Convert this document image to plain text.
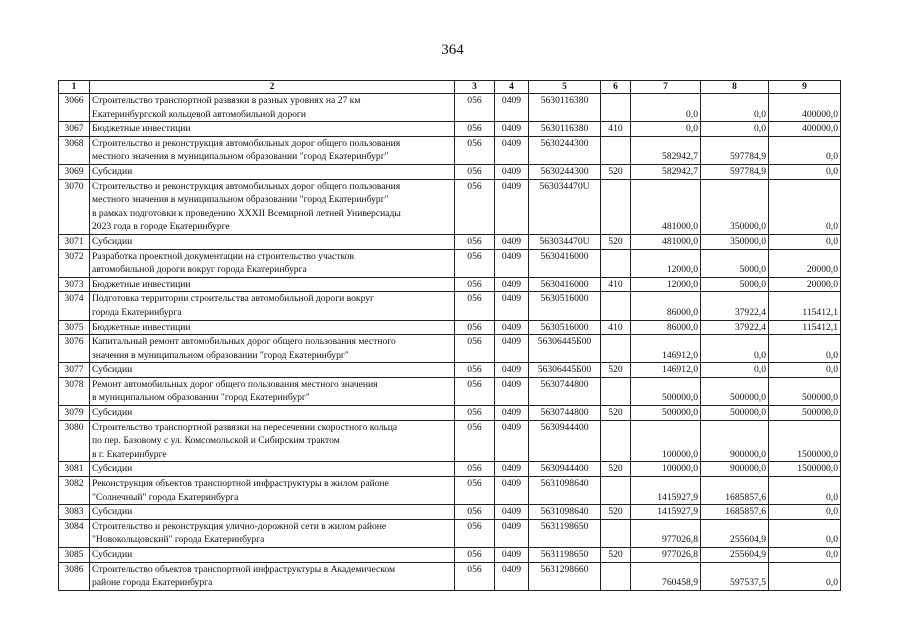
364
1	2	3	4	5	6	7	8	9
3066	Строительство транспортной развязки в разных уровнях на 27 км
Екатеринбургской кольцевой автомобильной дороги	056	0409	5630116380		0,0	0,0	400000,0
3067	Бюджетные инвестиции	056	0409	5630116380	410	0,0	0,0	400000,0
3068	Строительство и реконструкция автомобильных дорог общего пользования
местного значения в муниципальном образовании "город Екатеринбург"	056	0409	5630244300		582942,7	597784,9	0,0
3069	Субсидии	056	0409	5630244300	520	582942,7	597784,9	0,0
3070	Строительство и реконструкция автомобильных дорог общего пользования
местного значения в муниципальном образовании "город Екатеринбург"
в рамках подготовки к проведению XXXII Всемирной летней Универсиады
2023 года в городе Екатеринбурге	056	0409	563034470U		481000,0	350000,0	0,0
3071	Субсидии	056	0409	563034470U	520	481000,0	350000,0	0,0
3072	Разработка проектной документации на строительство участков
автомобильной дороги вокруг города Екатеринбурга	056	0409	5630416000		12000,0	5000,0	20000,0
3073	Бюджетные инвестиции	056	0409	5630416000	410	12000,0	5000,0	20000,0
3074	Подготовка территории строительства автомобильной дороги вокруг
города Екатеринбурга	056	0409	5630516000		86000,0	37922,4	115412,1
3075	Бюджетные инвестиции	056	0409	5630516000	410	86000,0	37922,4	115412,1
3076	Капитальный ремонт автомобильных дорог общего пользования местного
значения в муниципальном образовании "город Екатеринбург"	056	0409	56306445Б00		146912,0	0,0	0,0
3077	Субсидии	056	0409	56306445Б00	520	146912,0	0,0	0,0
3078	Ремонт автомобильных дорог общего пользования местного значения
в муниципальном образовании "город Екатеринбург"	056	0409	5630744800		500000,0	500000,0	500000,0
3079	Субсидии	056	0409	5630744800	520	500000,0	500000,0	500000,0
3080	Строительство транспортной развязки на пересечении скоростного кольца
по пер. Базовому с ул. Комсомольской и Сибирским трактом
в г. Екатеринбурге	056	0409	5630944400		100000,0	900000,0	1500000,0
3081	Субсидии	056	0409	5630944400	520	100000,0	900000,0	1500000,0
3082	Реконструкция объектов транспортной инфраструктуры в жилом районе
"Солнечный" города Екатеринбурга	056	0409	5631098640		1415927,9	1685857,6	0,0
3083	Субсидии	056	0409	5631098640	520	1415927,9	1685857,6	0,0
3084	Строительство и реконструкция улично-дорожной сети в жилом районе
"Новокольцовский" города Екатеринбурга	056	0409	5631198650		977026,8	255604,9	0,0
3085	Субсидии	056	0409	5631198650	520	977026,8	255604,9	0,0
3086	Строительство объектов транспортной инфраструктуры в Академическом
районе города Екатеринбурга	056	0409	5631298660		760458,9	597537,5	0,0
